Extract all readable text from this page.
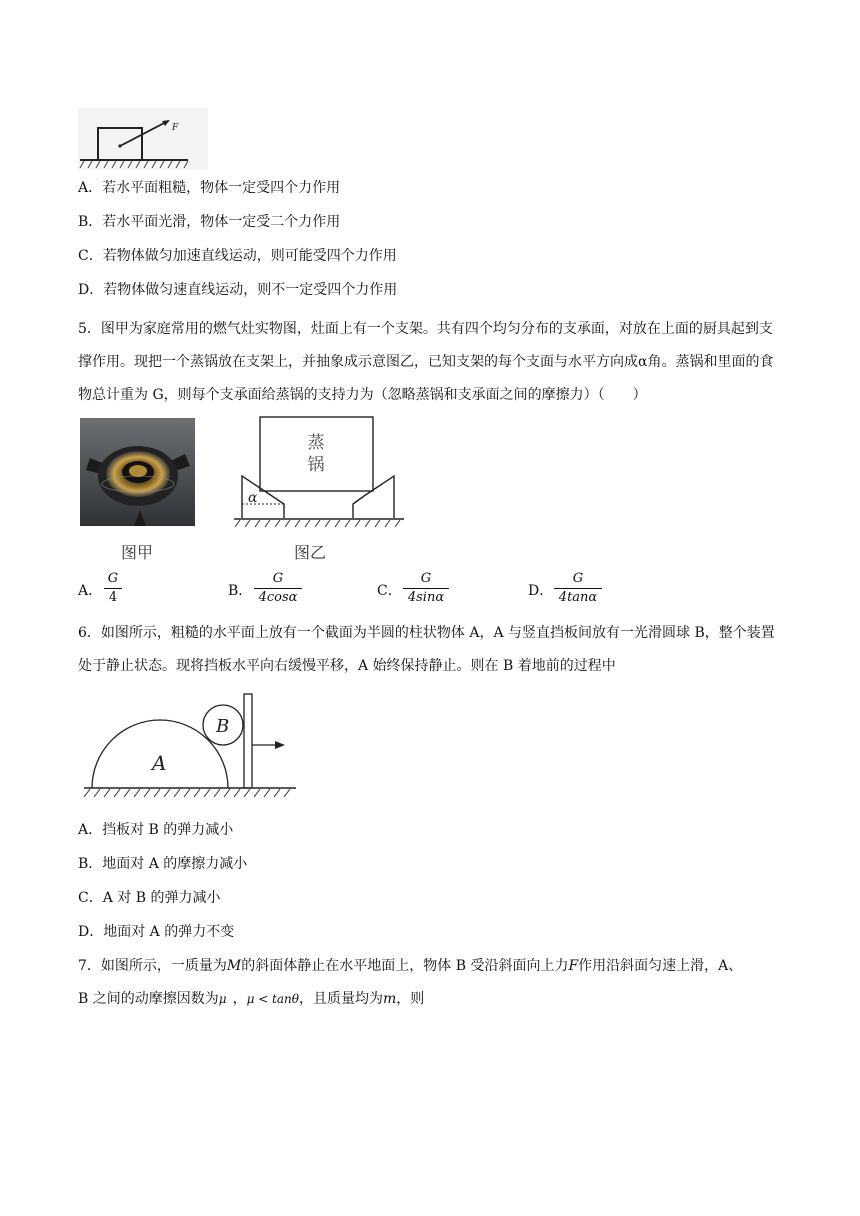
F
A．若水平面粗糙，物体一定受四个力作用
B．若水平面光滑，物体一定受二个力作用
C．若物体做匀加速直线运动，则可能受四个力作用
D．若物体做匀速直线运动，则不一定受四个力作用
5．图甲为家庭常用的燃气灶实物图，灶面上有一个支架。共有四个均匀分布的支承面，对放在上面的厨具起到支撑作用。现把一个蒸锅放在支架上，并抽象成示意图乙，已知支架的每个支面与水平方向成α角。蒸锅和里面的食物总计重为 G，则每个支承面给蒸锅的支持力为（忽略蒸锅和支承面之间的摩擦力）（　　）
图甲
蒸
锅
α
图乙
A．
G
4	B．
G
4cosα	C．
G
4sinα	D．
G
4tanα
6．如图所示，粗糙的水平面上放有一个截面为半圆的柱状物体 A，A 与竖直挡板间放有一光滑圆球 B，整个装置处于静止状态。现将挡板水平向右缓慢平移，A 始终保持静止。则在 B 着地前的过程中
A
B
A．挡板对 B 的弹力减小
B．地面对 A 的摩擦力减小
C．A 对 B 的弹力减小
D．地面对 A 的弹力不变
7．如图所示，一质量为M的斜面体静止在水平地面上，物体 B 受沿斜面向上力F作用沿斜面匀速上滑，A、
B 之间的动摩擦因数为μ ，μ < tanθ，且质量均为m，则
